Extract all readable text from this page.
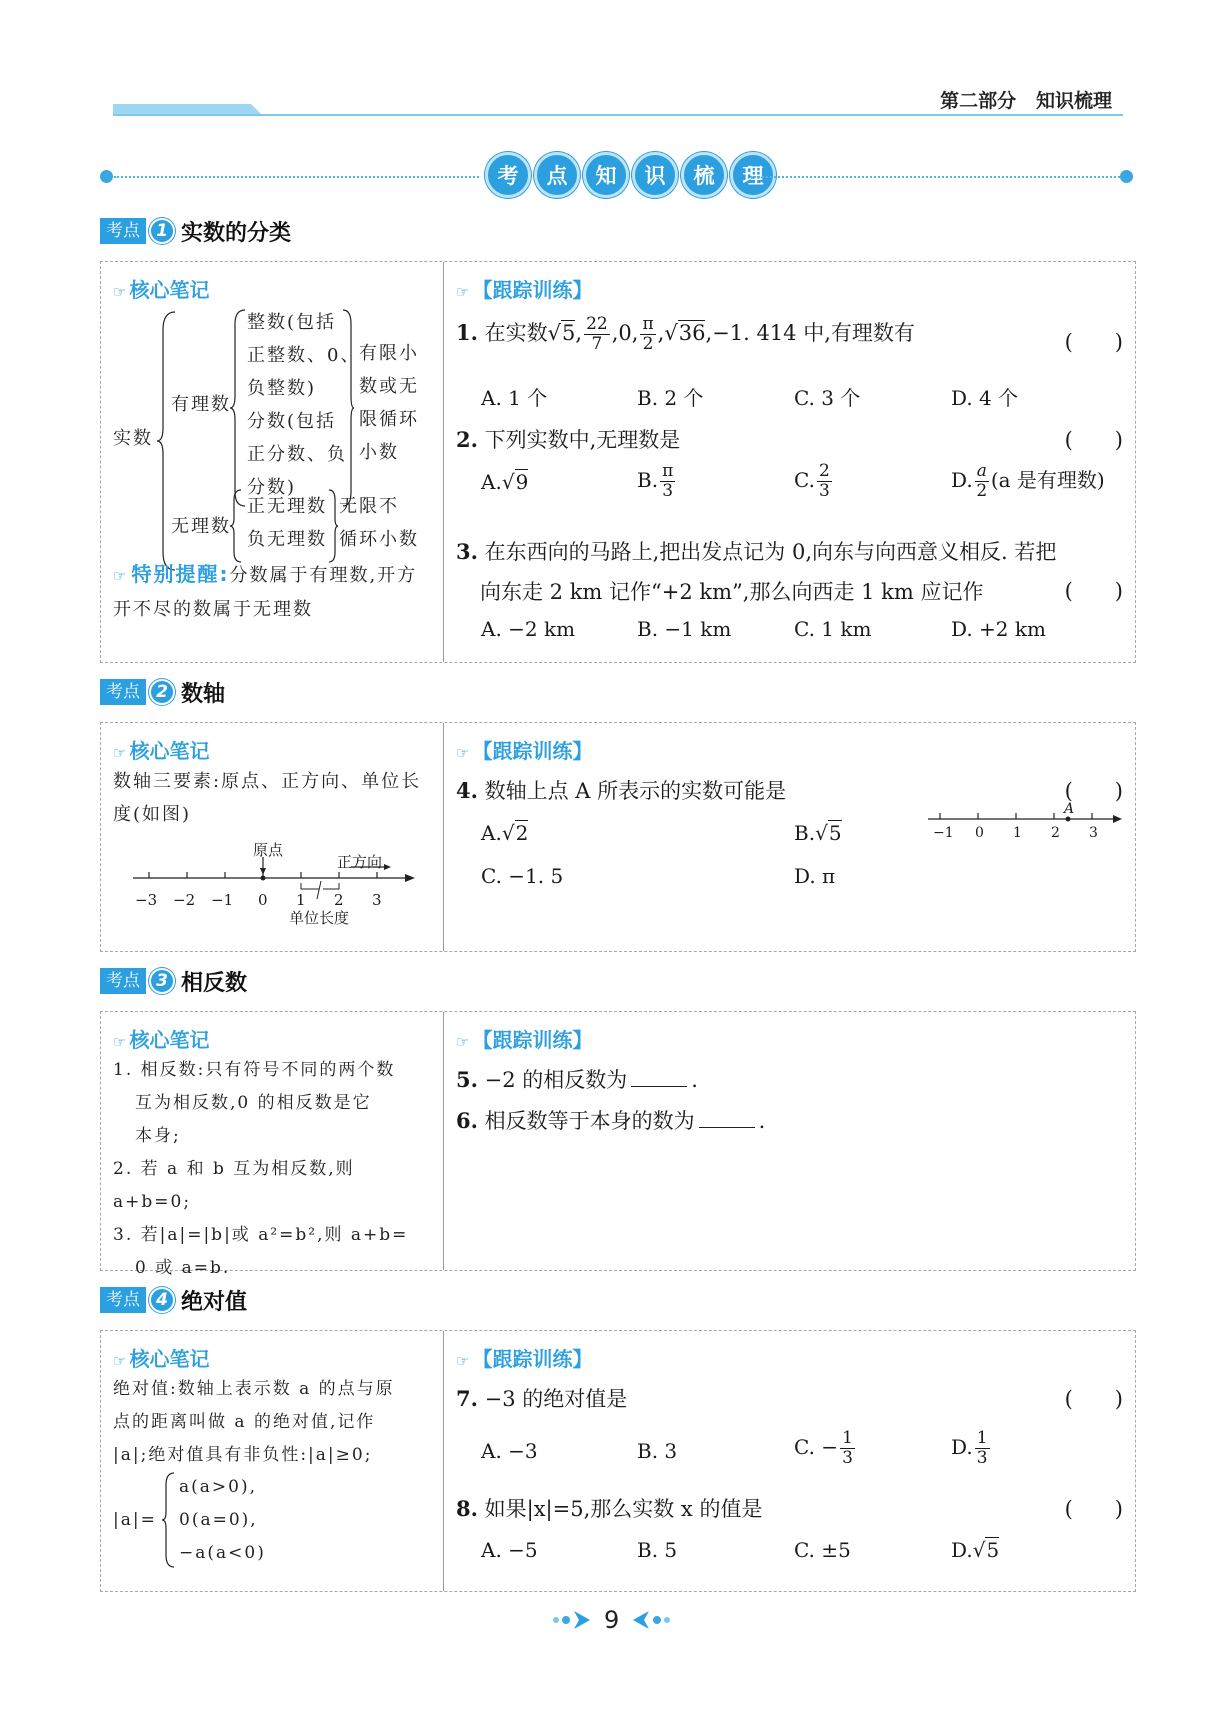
第二部分 知识梳理
考	点	知	识	梳	理
考点 1 实数的分类
☞ 核心笔记
实数
有理数
整数(包括
正整数、0、
负整数)
分数(包括
正分数、负
分数)
有限小
数或无
限循环
小数
无理数
正无理数
负无理数
无限不
循环小数
☞ 特别提醒:分数属于有理数,开方开不尽的数属于无理数
☞ 【跟踪训练】
1. 在实数√5, $\frac{22}{7} ,0$, $\frac{\pi}{2} ,√36,-1$. 414 中,有理数有	(　　)
A. 1 个	B. 2 个	C. 3 个	D. 4 个
2. 下列实数中,无理数是	(　　)
A.√9	B. $\frac{\pi}{3}$	C. $\frac{2}{3}$	D. $\frac{a}{2} (a$ 是有理数)
3. 在东西向的马路上,把出发点记为 0,向东与向西意义相反. 若把
向东走 2 km 记作“+2 km”,那么向西走 1 km 应记作	(　　)
A. −2 km	B. −1 km	C. 1 km	D. +2 km
考点 2 数轴
☞ 核心笔记
数轴三要素:原点、正方向、单位长度(如图)
原点
正方向
单位长度
−3 −2 −1 0 1 2 3
☞ 【跟踪训练】
4. 数轴上点 A 所表示的实数可能是	(　　)
A.√2	B.√5
C. −1. 5	D. π
A
−1 0 1 2 3
考点 3 相反数
☞ 核心笔记
1. 相反数:只有符号不同的两个数
互为相反数,0 的相反数是它
本身;
2. 若 a 和 b 互为相反数,则 a+b=0;
3. 若|a|=|b|或 a²=b²,则 a+b=
0 或 a=b.
☞ 【跟踪训练】
5. −2 的相反数为	.
6. 相反数等于本身的数为	.
考点 4 绝对值
☞ 核心笔记
绝对值:数轴上表示数 a 的点与原
点的距离叫做 a 的绝对值,记作
|a|;绝对值具有非负性:|a|≥0;
|a|=
a(a>0),
0(a=0),
−a(a<0)
☞ 【跟踪训练】
7. −3 的绝对值是	(　　)
A. −3	B. 3	C. − $\frac{1}{3}$	D. $\frac{1}{3}$
8. 如果|x|=5,那么实数 x 的值是	(　　)
A. −5	B. 5	C. ±5	D.√5
9
